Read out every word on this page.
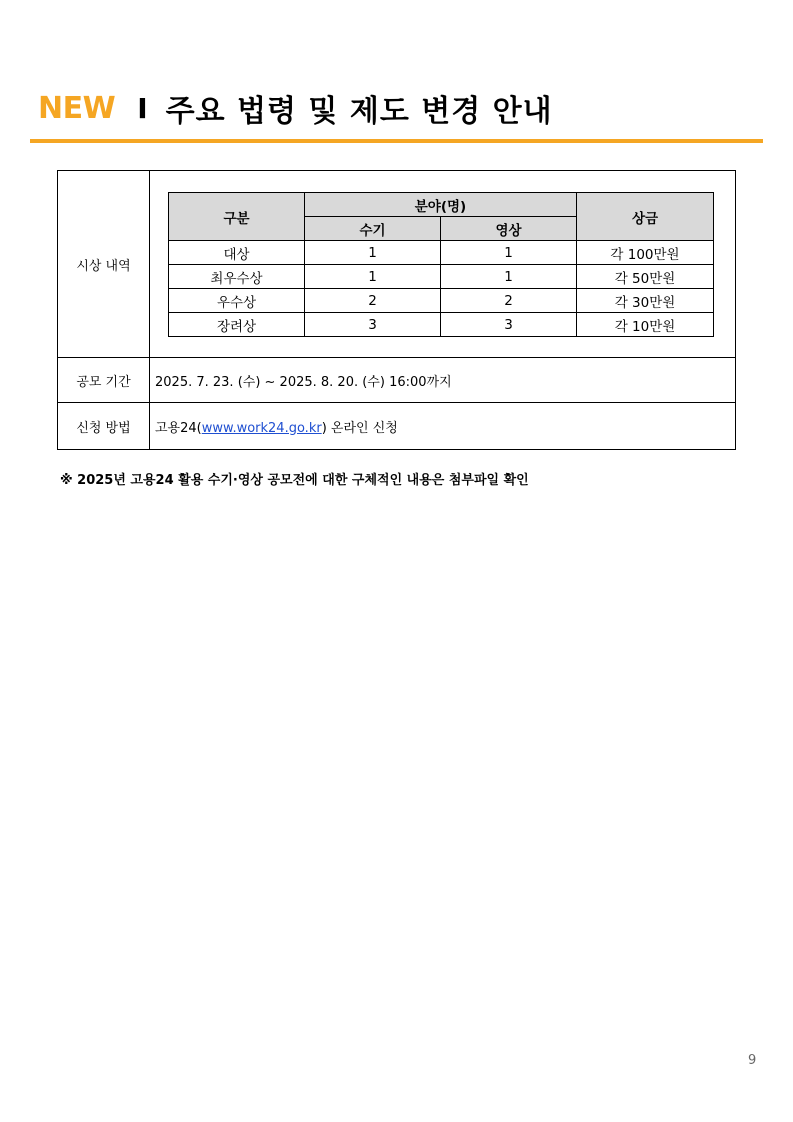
NEW I 주요 법령 및 제도 변경 안내
시상 내역	
구분	분야(명)	상금
수기	영상
대상	1	1	각 100만원
최우수상	1	1	각 50만원
우수상	2	2	각 30만원
장려상	3	3	각 10만원

공모 기간	2025. 7. 23. (수) ~ 2025. 8. 20. (수) 16:00까지
신청 방법	고용24(www.work24.go.kr) 온라인 신청
※ 2025년 고용24 활용 수기·영상 공모전에 대한 구체적인 내용은 첨부파일 확인
9
